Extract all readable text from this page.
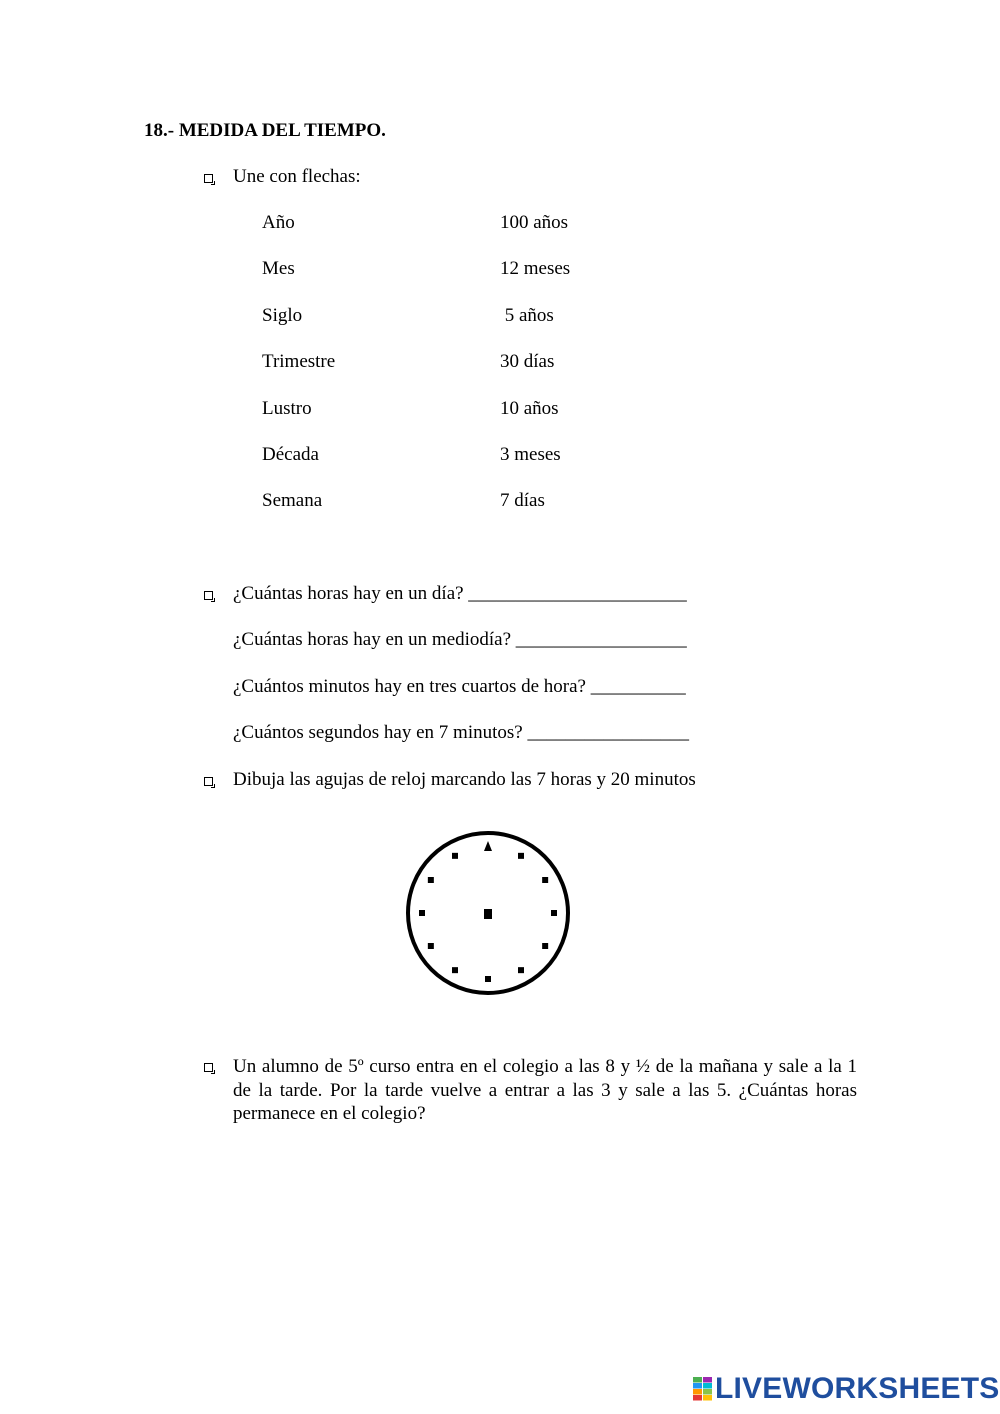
18.- MEDIDA DEL TIEMPO.
Une con flechas:
Año
Mes
Siglo
Trimestre
Lustro
Década
Semana
100 años
12 meses
5 años
30 días
10 años
3 meses
7 días
¿Cuántas horas hay en un día? _______________________
¿Cuántas horas hay en un mediodía? __________________
¿Cuántos minutos hay en tres cuartos de hora? __________
¿Cuántos segundos hay en 7 minutos? _________________
Dibuja las agujas de reloj marcando las 7 horas y 20 minutos
Un alumno de 5º curso entra en el colegio a las 8 y ½ de la mañana y sale a la 1 de la tarde. Por la tarde vuelve a entrar a las 3 y sale a las 5. ¿Cuántas horas permanece en el colegio?
LIVEWORKSHEETS
